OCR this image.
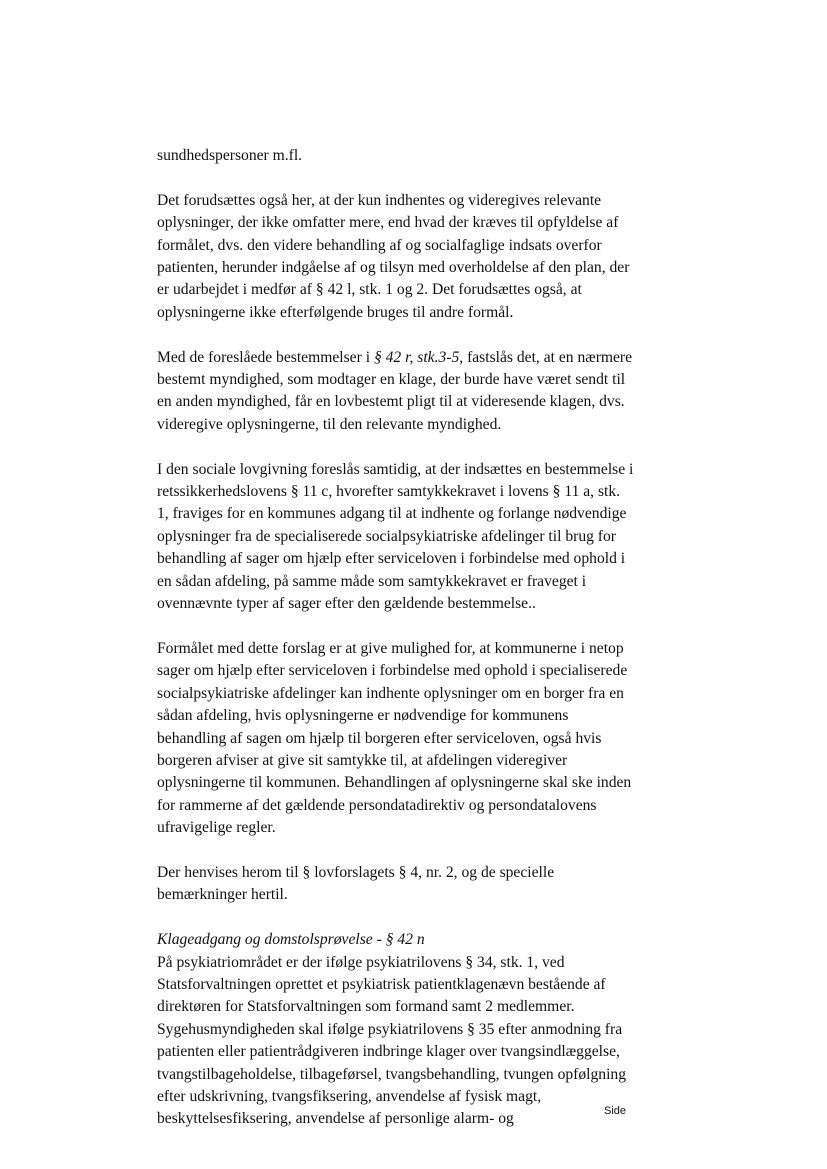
sundhedspersoner m.fl.

Det forudsættes også her, at der kun indhentes og videregives relevante
oplysninger, der ikke omfatter mere, end hvad der kræves til opfyldelse af
formålet, dvs. den videre behandling af og socialfaglige indsats overfor
patienten, herunder indgåelse af og tilsyn med overholdelse af den plan, der
er udarbejdet i medfør af § 42 l, stk. 1 og 2. Det forudsættes også, at
oplysningerne ikke efterfølgende bruges til andre formål.

Med de foreslåede bestemmelser i § 42 r, stk.3-5, fastslås det, at en nærmere
bestemt myndighed, som modtager en klage, der burde have været sendt til
en anden myndighed, får en lovbestemt pligt til at videresende klagen, dvs.
videregive oplysningerne, til den relevante myndighed.

I den sociale lovgivning foreslås samtidig, at der indsættes en bestemmelse i
retssikkerhedslovens § 11 c, hvorefter samtykkekravet i lovens § 11 a, stk.
1, fraviges for en kommunes adgang til at indhente og forlange nødvendige
oplysninger fra de specialiserede socialpsykiatriske afdelinger til brug for
behandling af sager om hjælp efter serviceloven i forbindelse med ophold i
en sådan afdeling, på samme måde som samtykkekravet er fraveget i
ovennævnte typer af sager efter den gældende bestemmelse..

Formålet med dette forslag er at give mulighed for, at kommunerne i netop
sager om hjælp efter serviceloven i forbindelse med ophold i specialiserede
socialpsykiatriske afdelinger kan indhente oplysninger om en borger fra en
sådan afdeling, hvis oplysningerne er nødvendige for kommunens
behandling af sagen om hjælp til borgeren efter serviceloven, også hvis
borgeren afviser at give sit samtykke til, at afdelingen videregiver
oplysningerne til kommunen. Behandlingen af oplysningerne skal ske inden
for rammerne af det gældende persondatadirektiv og persondatalovens
ufravigelige regler.

Der henvises herom til § lovforslagets § 4, nr. 2, og de specielle
bemærkninger hertil.

Klageadgang og domstolsprøvelse - § 42 n

På psykiatriområdet er der ifølge psykiatrilovens § 34, stk. 1, ved
Statsforvaltningen oprettet et psykiatrisk patientklagenævn bestående af
direktøren for Statsforvaltningen som formand samt 2 medlemmer.
Sygehusmyndigheden skal ifølge psykiatrilovens § 35 efter anmodning fra
patienten eller patientrådgiveren indbringe klager over tvangsindlæggelse,
tvangstilbageholdelse, tilbageførsel, tvangsbehandling, tvungen opfølgning
efter udskrivning, tvangsfiksering, anvendelse af fysisk magt,
beskyttelsesfiksering, anvendelse af personlige alarm- og	Side
